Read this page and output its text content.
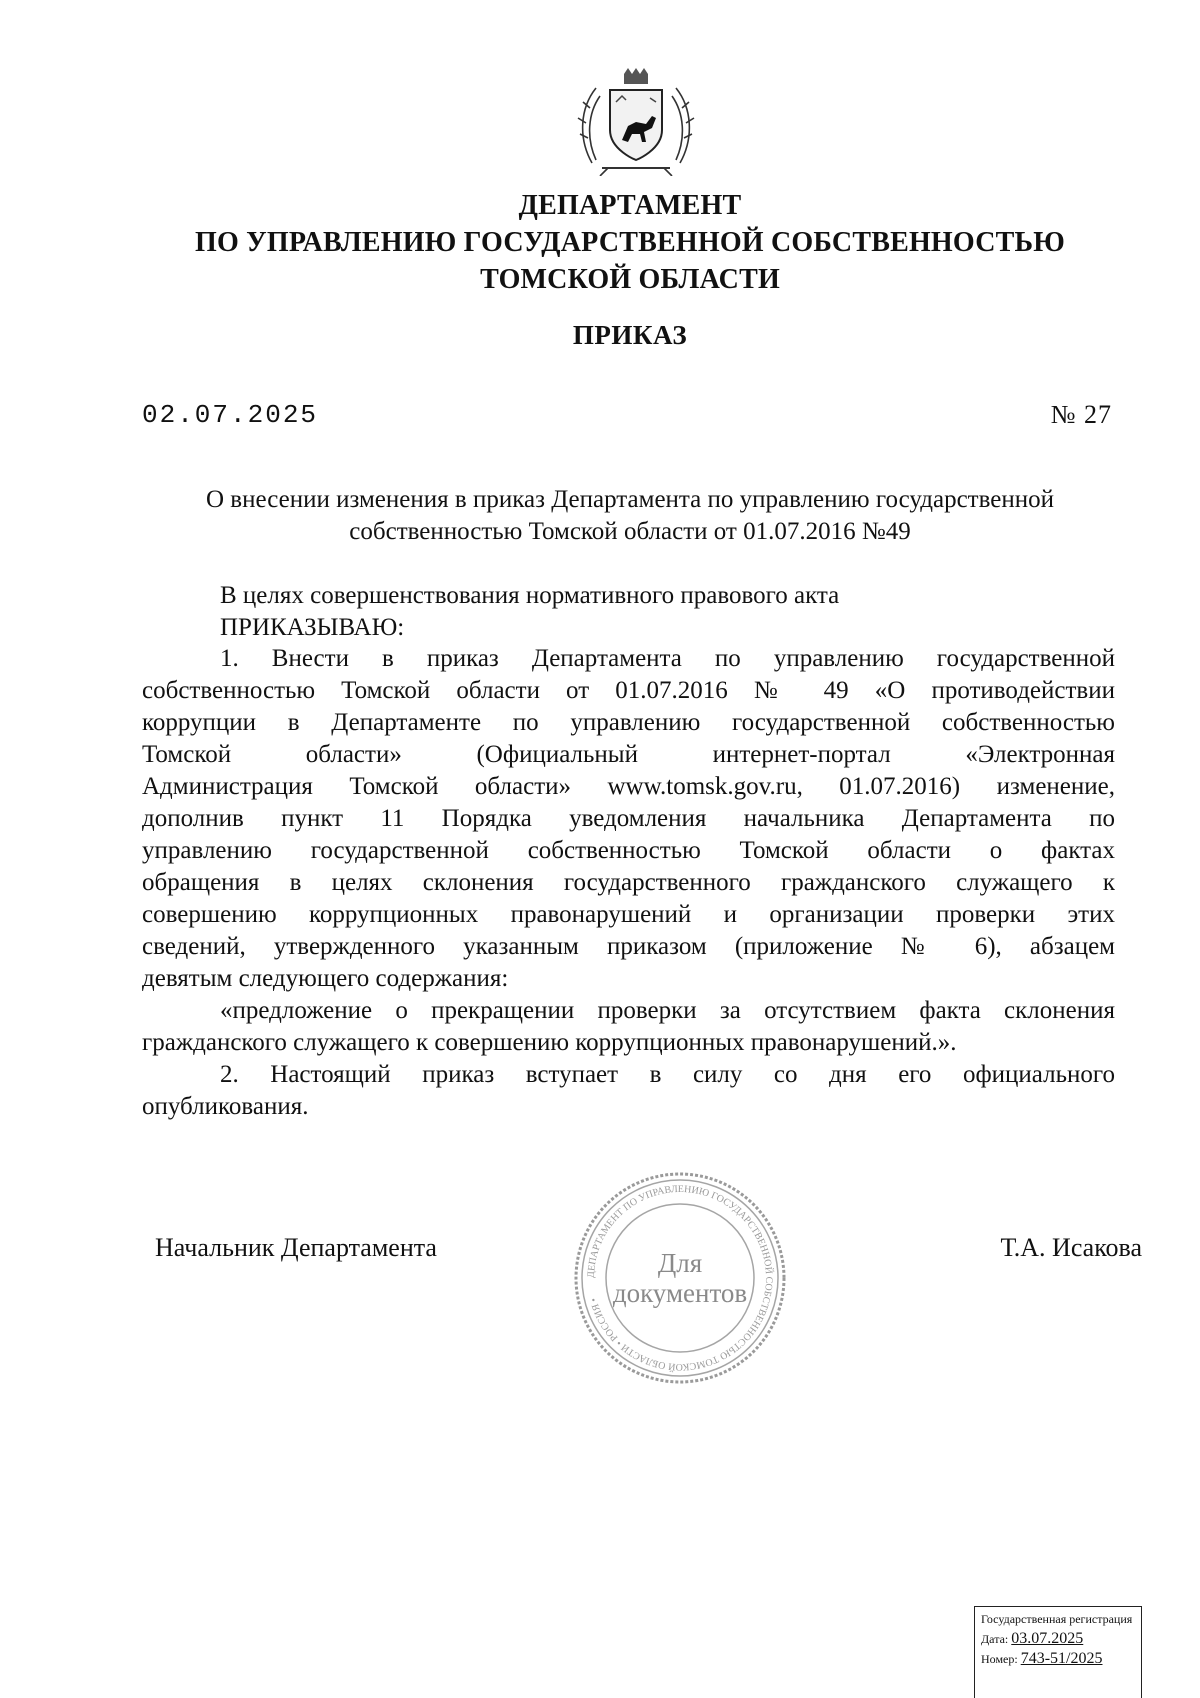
ДЕПАРТАМЕНТ
ПО УПРАВЛЕНИЮ ГОСУДАРСТВЕННОЙ СОБСТВЕННОСТЬЮ
ТОМСКОЙ ОБЛАСТИ
ПРИКАЗ
02.07.2025	№ 27
О внесении изменения в приказ Департамента по управлению государственной
собственностью Томской области от 01.07.2016 №49
В целях совершенствования нормативного правового акта
ПРИКАЗЫВАЮ:
1. Внести в приказ Департамента по управлению государственной
собственностью Томской области от 01.07.2016 № 49 «О противодействии
коррупции в Департаменте по управлению государственной собственностью
Томской области» (Официальный интернет-портал «Электронная
Администрация Томской области» www.tomsk.gov.ru, 01.07.2016) изменение,
дополнив пункт 11 Порядка уведомления начальника Департамента по
управлению государственной собственностью Томской области о фактах
обращения в целях склонения государственного гражданского служащего к
совершению коррупционных правонарушений и организации проверки этих
сведений, утвержденного указанным приказом (приложение № 6), абзацем
девятым следующего содержания:
«предложение о прекращении проверки за отсутствием факта склонения
гражданского служащего к совершению коррупционных правонарушений.».
2. Настоящий приказ вступает в силу со дня его официального
опубликования.
ДЕПАРТАМЕНТ ПО УПРАВЛЕНИЮ ГОСУДАРСТВЕННОЙ СОБСТВЕННОСТЬЮ ТОМСКОЙ ОБЛАСТИ • РОССИЯ •
Для
документов
Начальник Департамента	Т.А. Исакова
Государственная регистрация
Дата: 03.07.2025
Номер: 743-51/2025
